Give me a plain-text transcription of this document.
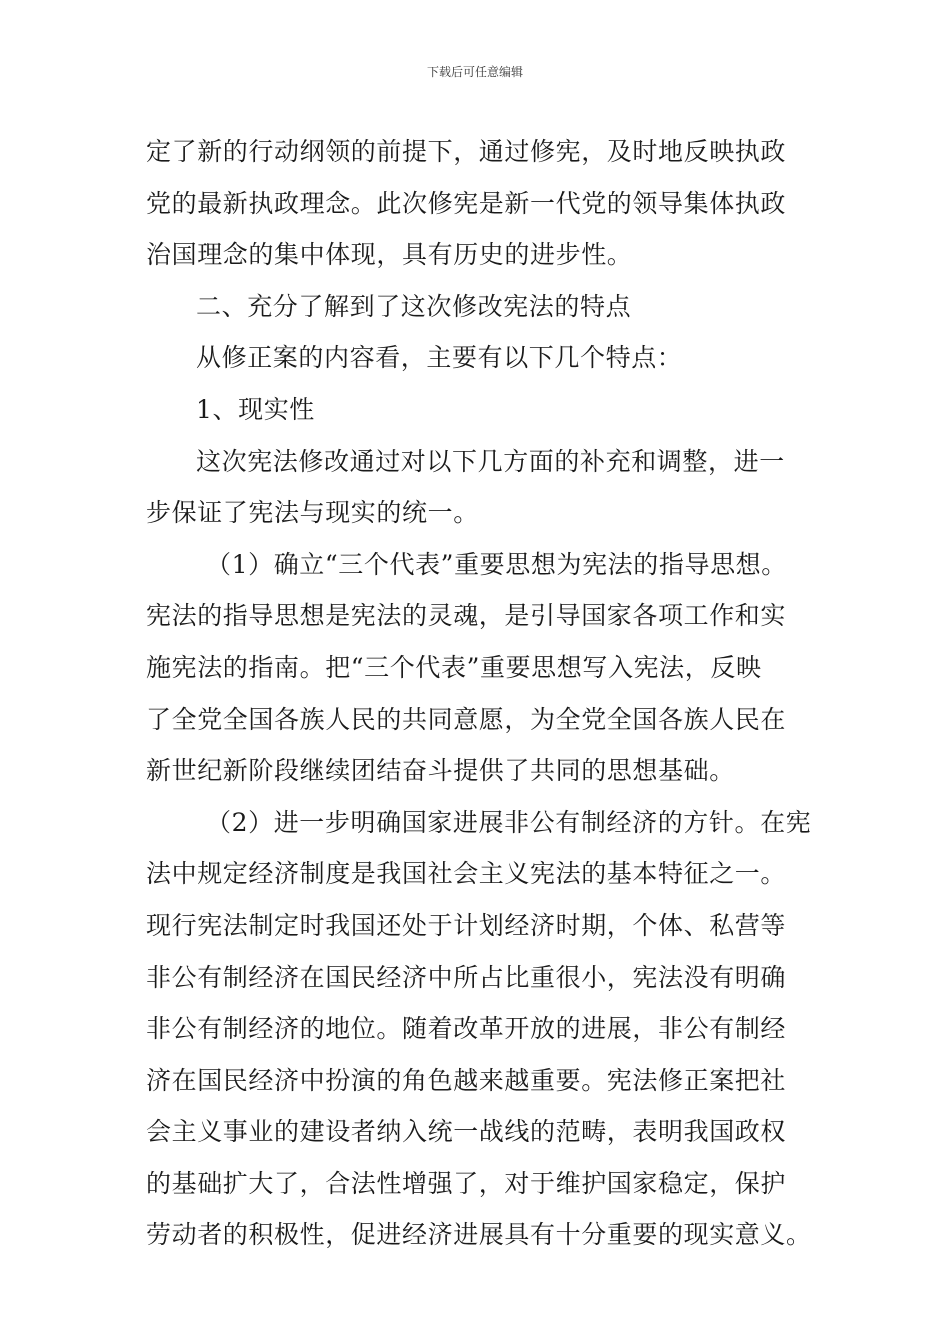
下载后可任意编辑
定了新的行动纲领的前提下，通过修宪，及时地反映执政
党的最新执政理念。此次修宪是新一代党的领导集体执政
治国理念的集中体现，具有历史的进步性。
二、充分了解到了这次修改宪法的特点
从修正案的内容看，主要有以下几个特点：
1、现实性
这次宪法修改通过对以下几方面的补充和调整，进一
步保证了宪法与现实的统一。
（1）确立“三个代表”重要思想为宪法的指导思想。
宪法的指导思想是宪法的灵魂，是引导国家各项工作和实
施宪法的指南。把“三个代表”重要思想写入宪法，反映
了全党全国各族人民的共同意愿，为全党全国各族人民在
新世纪新阶段继续团结奋斗提供了共同的思想基础。
（2）进一步明确国家进展非公有制经济的方针。在宪
法中规定经济制度是我国社会主义宪法的基本特征之一。
现行宪法制定时我国还处于计划经济时期，个体、私营等
非公有制经济在国民经济中所占比重很小，宪法没有明确
非公有制经济的地位。随着改革开放的进展，非公有制经
济在国民经济中扮演的角色越来越重要。宪法修正案把社
会主义事业的建设者纳入统一战线的范畴，表明我国政权
的基础扩大了，合法性增强了，对于维护国家稳定，保护
劳动者的积极性，促进经济进展具有十分重要的现实意义。
